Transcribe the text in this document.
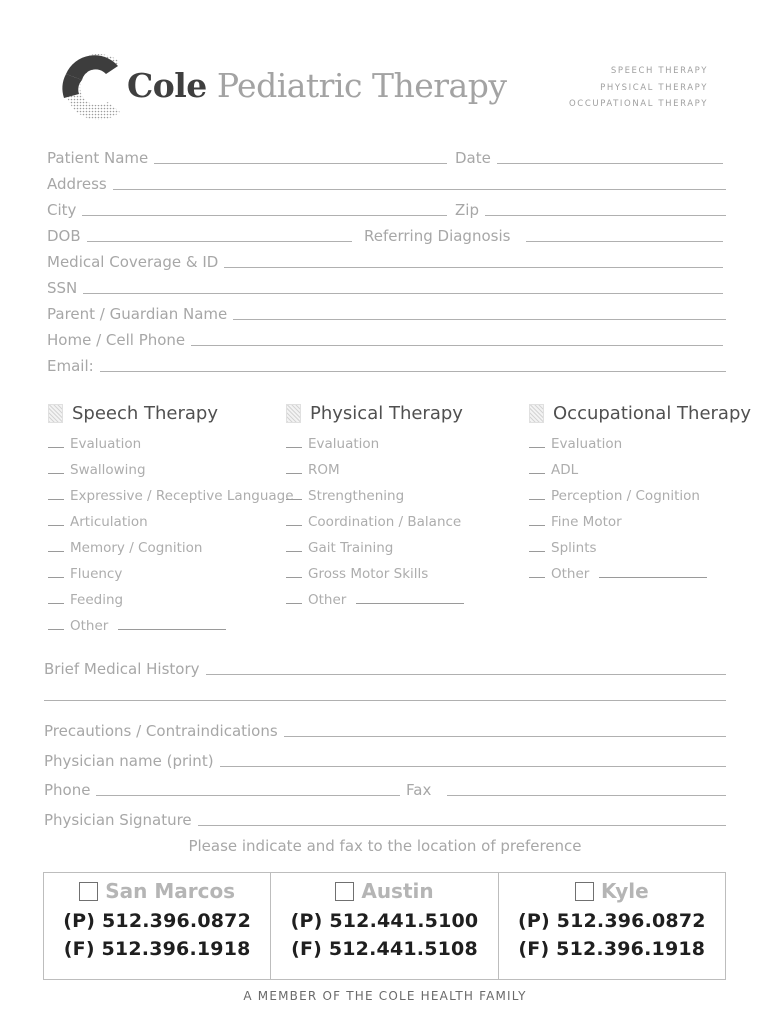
Cole Pediatric Therapy	SPEECH THERAPY
PHYSICAL THERAPY
OCCUPATIONAL THERAPY
Patient Name	Date
Address
City	Zip
DOB	Referring Diagnosis
Medical Coverage & ID
SSN
Parent / Guardian Name
Home / Cell Phone
Email:
Speech Therapy
Evaluation
Swallowing
Expressive / Receptive Language
Articulation
Memory / Cognition
Fluency
Feeding
Other
Physical Therapy
Evaluation
ROM
Strengthening
Coordination / Balance
Gait Training
Gross Motor Skills
Other
Occupational Therapy
Evaluation
ADL
Perception / Cognition
Fine Motor
Splints
Other
Brief Medical History
Precautions / Contraindications
Physician name (print)
Phone	Fax
Physician Signature
Please indicate and fax to the location of preference
San Marcos
(P) 512.396.0872
(F) 512.396.1918
Austin
(P) 512.441.5100
(F) 512.441.5108
Kyle
(P) 512.396.0872
(F) 512.396.1918
A MEMBER OF THE COLE HEALTH FAMILY
